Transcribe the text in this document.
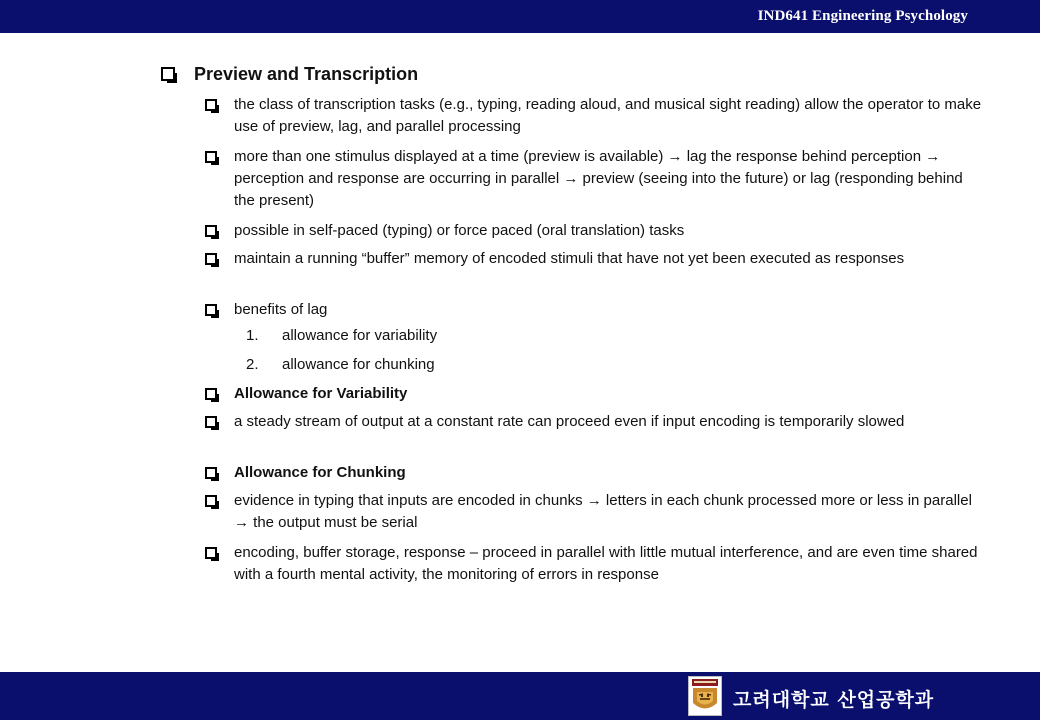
IND641 Engineering Psychology
Preview and Transcription
the class of transcription tasks (e.g., typing, reading aloud, and musical sight reading) allow the operator to make use of preview, lag, and parallel processing
more than one stimulus displayed at a time (preview is available) → lag the response behind perception → perception and response are occurring in parallel → preview (seeing into the future) or lag (responding behind the present)
possible in self-paced (typing) or force paced (oral translation) tasks
maintain a running “buffer” memory of encoded stimuli that have not yet been executed as responses
benefits of lag
1. allowance for variability
2. allowance for chunking
Allowance for Variability
a steady stream of output at a constant rate can proceed even if input encoding is temporarily slowed
Allowance for Chunking
evidence in typing that inputs are encoded in chunks → letters in each chunk processed more or less in parallel → the output must be serial
encoding, buffer storage, response – proceed in parallel with little mutual interference, and are even time shared with a fourth mental activity, the monitoring of errors in response
고려대학교 산업공학과
